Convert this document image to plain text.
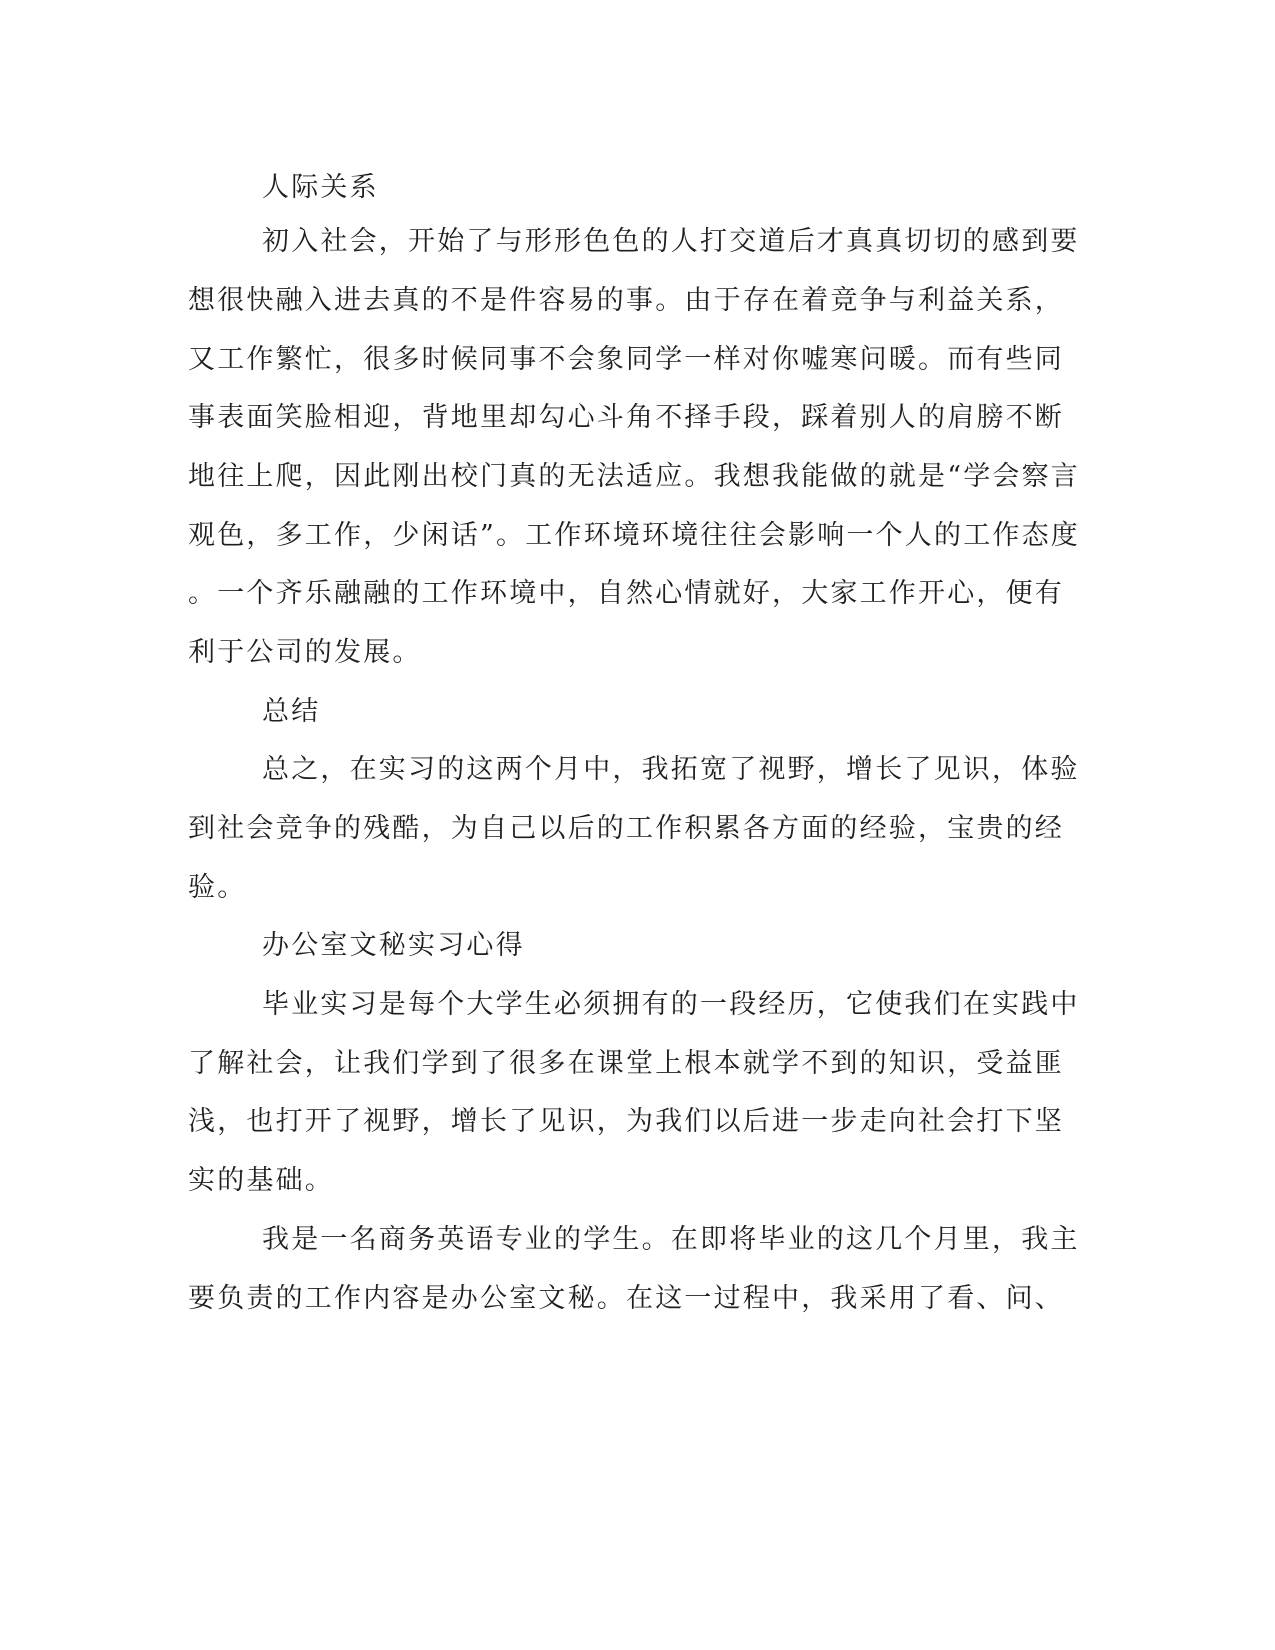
人际关系
初入社会，开始了与形形色色的人打交道后才真真切切的感到要
想很快融入进去真的不是件容易的事。由于存在着竞争与利益关系，
又工作繁忙，很多时候同事不会象同学一样对你嘘寒问暖。而有些同
事表面笑脸相迎，背地里却勾心斗角不择手段，踩着别人的肩膀不断
地往上爬，因此刚出校门真的无法适应。我想我能做的就是“学会察言
观色，多工作，少闲话”。工作环境环境往往会影响一个人的工作态度
。一个齐乐融融的工作环境中，自然心情就好，大家工作开心，便有
利于公司的发展。
总结
总之，在实习的这两个月中，我拓宽了视野，增长了见识，体验
到社会竞争的残酷，为自己以后的工作积累各方面的经验，宝贵的经
验。
办公室文秘实习心得
毕业实习是每个大学生必须拥有的一段经历，它使我们在实践中
了解社会，让我们学到了很多在课堂上根本就学不到的知识，受益匪
浅，也打开了视野，增长了见识，为我们以后进一步走向社会打下坚
实的基础。
我是一名商务英语专业的学生。在即将毕业的这几个月里，我主
要负责的工作内容是办公室文秘。在这一过程中，我采用了看、问、
